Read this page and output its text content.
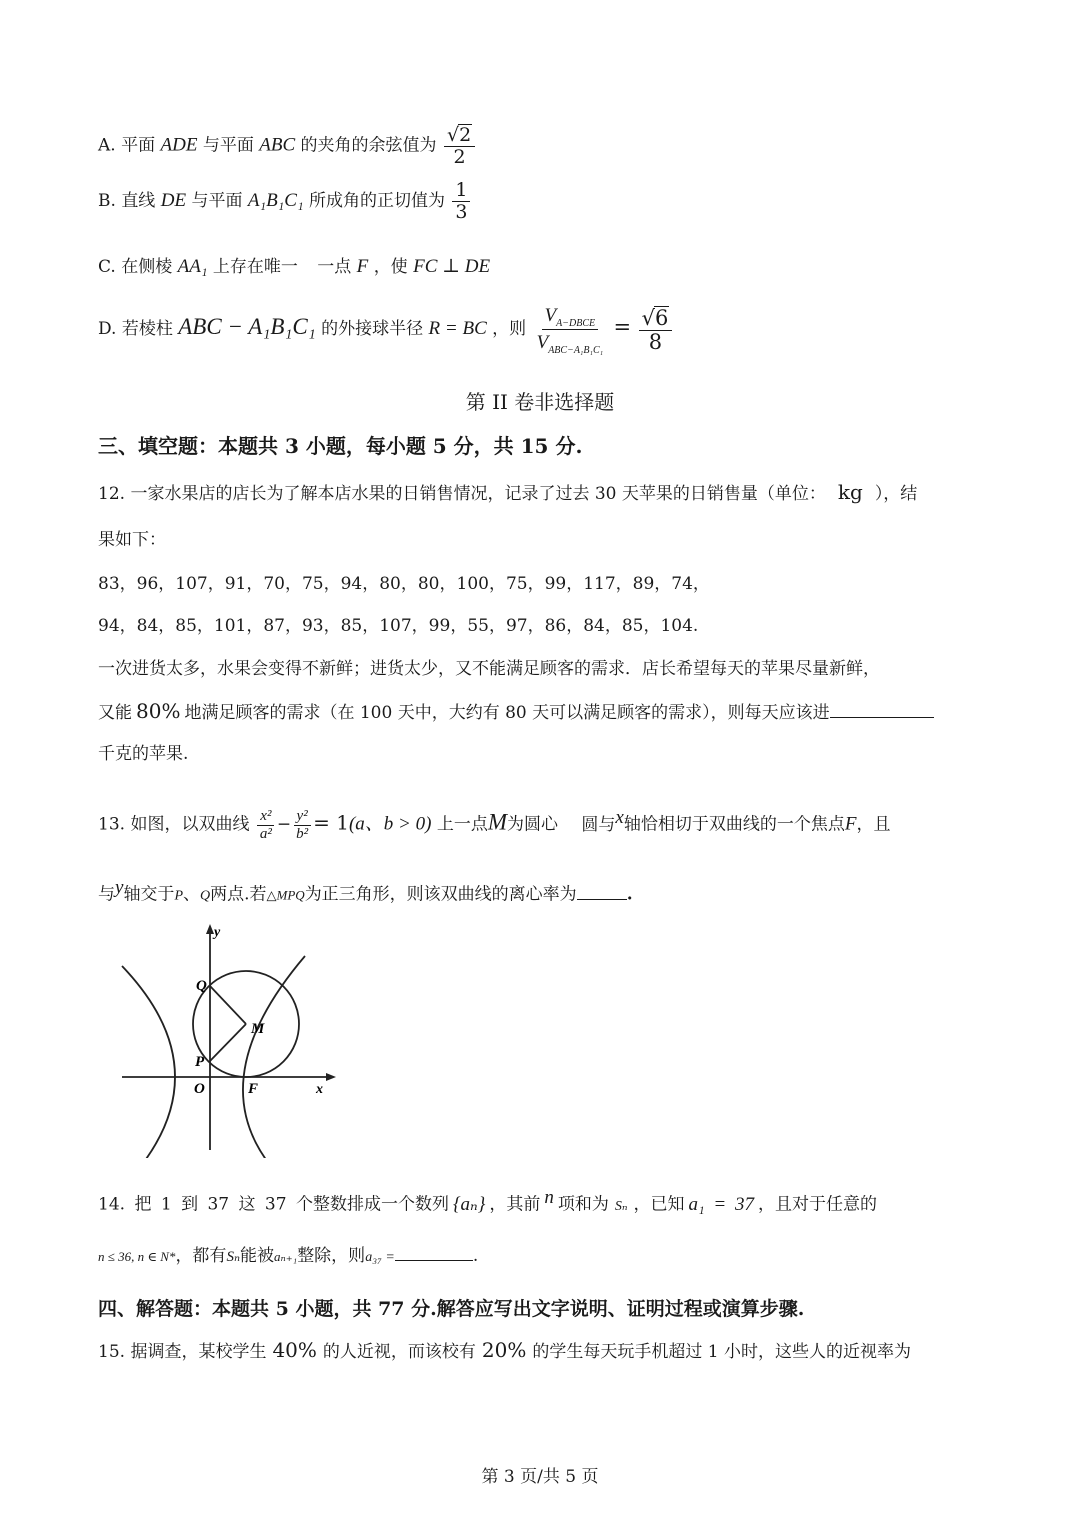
A. 平面 ADE 与平面 ABC 的夹角的余弦值为 $\frac{√2}{2}$
B. 直线 DE 与平面 A₁B₁C₁ 所成角的正切值为 $\frac{1}{3}$
C. 在侧棱 AA₁ 上存在唯一 一点 F ，使 FC ⊥ DE
D. 若棱柱 ABC − A₁B₁C₁ 的外接球半径 R = BC ，则 $\frac{V_{A-DBCE}}{V_{ABC-A_1B_1C_1}} = \frac{√6}{8}$
第 II 卷非选择题
三、填空题：本题共 3 小题，每小题 5 分，共 15 分.
12. 一家水果店的店长为了解本店水果的日销售情况，记录了过去 30 天苹果的日销售量（单位： kg ），结
果如下：
83，96，107，91，70，75，94，80，80，100，75，99，117，89，74，
94，84，85，101，87，93，85，107，99，55，97，86，84，85，104.
一次进货太多，水果会变得不新鲜；进货太少，又不能满足顾客的需求．店长希望每天的苹果尽量新鲜，
又能 80% 地满足顾客的需求（在 100 天中，大约有 80 天可以满足顾客的需求），则每天应该进
千克的苹果.
13. 如图，以双曲线 $\frac{\text{x²}}{\text{a²}} - \frac{\text{y²}}{\text{b²}} = 1(a$、b > 0) 上一点M为圆心 圆与$^x$轴恰相切于双曲线的一个焦点F，且
与$^y$轴交于P、Q两点.若△MPQ为正三角形，则该双曲线的离心率为	.
y
Q
M
P
O	F	x
14. 把 1 到 37 这 37 个整数排成一个数列 {aₙ} ，其前 $^n$ 项和为 Sₙ ，已知 a₁ = 37 ，且对于任意的
n ≤ 36, n ∈ N*，都有Sₙ能被aₙ₊₁整除，则a₃₇ =	.
四、解答题：本题共 5 小题，共 77 分.解答应写出文字说明、证明过程或演算步骤.
15. 据调查，某校学生 40% 的人近视，而该校有 20% 的学生每天玩手机超过 1 小时，这些人的近视率为
第 3 页/共 5 页
